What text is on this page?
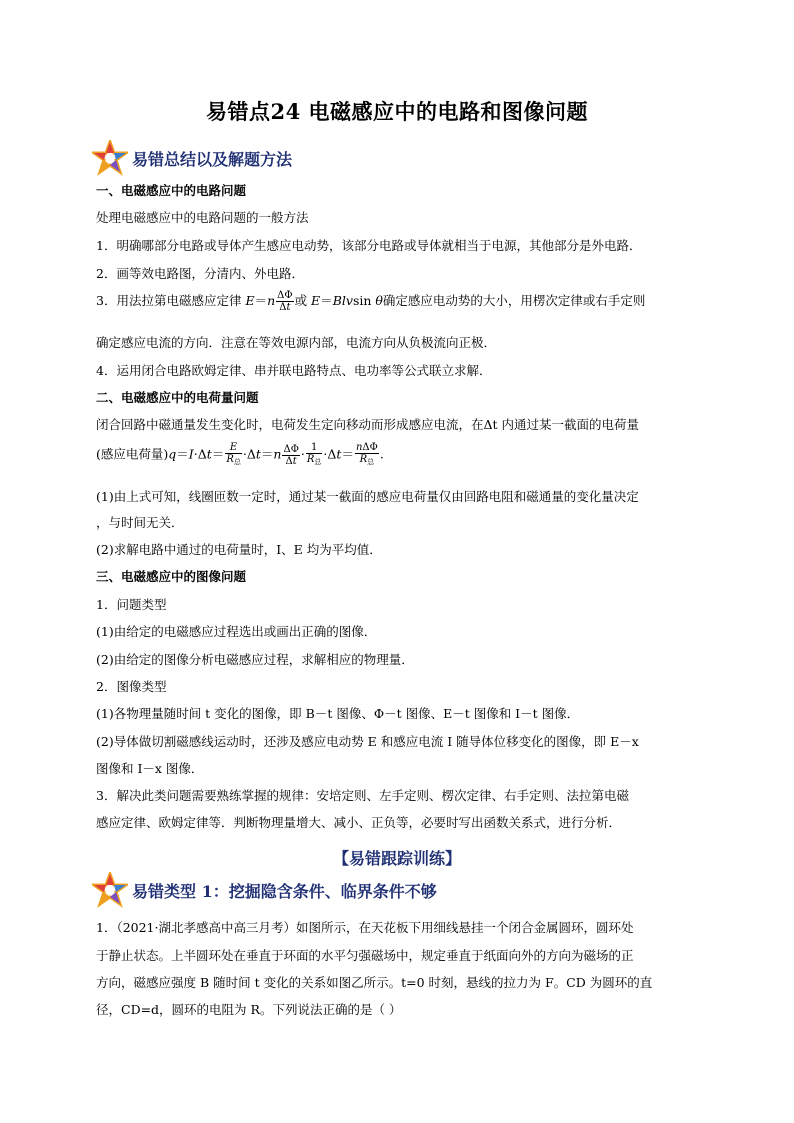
易错点24 电磁感应中的电路和图像问题
易错总结以及解题方法
一、电磁感应中的电路问题
处理电磁感应中的电路问题的一般方法
1．明确哪部分电路或导体产生感应电动势，该部分电路或导体就相当于电源，其他部分是外电路．
2．画等效电路图，分清内、外电路．
3．用法拉第电磁感应定律 $E=n \frac{\Delta\Phi}{\Delta t}$ 或 E＝Blvsin θ确定感应电动势的大小，用楞次定律或右手定则
确定感应电流的方向．注意在等效电源内部，电流方向从负极流向正极．
4．运用闭合电路欧姆定律、串并联电路特点、电功率等公式联立求解．
二、电磁感应中的电荷量问题
闭合回路中磁通量发生变化时，电荷发生定向移动而形成感应电流，在Δt 内通过某一截面的电荷量
(感应电荷量)$q=I\cdot\Delta t= \frac{E}{R_总} \cdot\Delta t=n \frac{\Delta\Phi}{\Delta t} \cdot \frac{1}{R_总} \cdot\Delta t= \frac{\text{nΔΦ}}{R_总}$ .
(1)由上式可知，线圈匝数一定时，通过某一截面的感应电荷量仅由回路电阻和磁通量的变化量决定
，与时间无关．
(2)求解电路中通过的电荷量时，I、E 均为平均值．
三、电磁感应中的图像问题
1．问题类型
(1)由给定的电磁感应过程选出或画出正确的图像．
(2)由给定的图像分析电磁感应过程，求解相应的物理量．
2．图像类型
(1)各物理量随时间 t 变化的图像，即 B－t 图像、Φ－t 图像、E－t 图像和 I－t 图像．
(2)导体做切割磁感线运动时，还涉及感应电动势 E 和感应电流 I 随导体位移变化的图像，即 E－x
图像和 I－x 图像．
3．解决此类问题需要熟练掌握的规律：安培定则、左手定则、楞次定律、右手定则、法拉第电磁
感应定律、欧姆定律等．判断物理量增大、减小、正负等，必要时写出函数关系式，进行分析．
【易错跟踪训练】
易错类型 1：挖掘隐含条件、临界条件不够
1．（2021·湖北孝感高中高三月考）如图所示，在天花板下用细线悬挂一个闭合金属圆环，圆环处
于静止状态。上半圆环处在垂直于环面的水平匀强磁场中，规定垂直于纸面向外的方向为磁场的正
方向，磁感应强度 B 随时间 t 变化的关系如图乙所示。t=0 时刻，悬线的拉力为 F。CD 为圆环的直
径，CD=d，圆环的电阻为 R。下列说法正确的是（ ）
